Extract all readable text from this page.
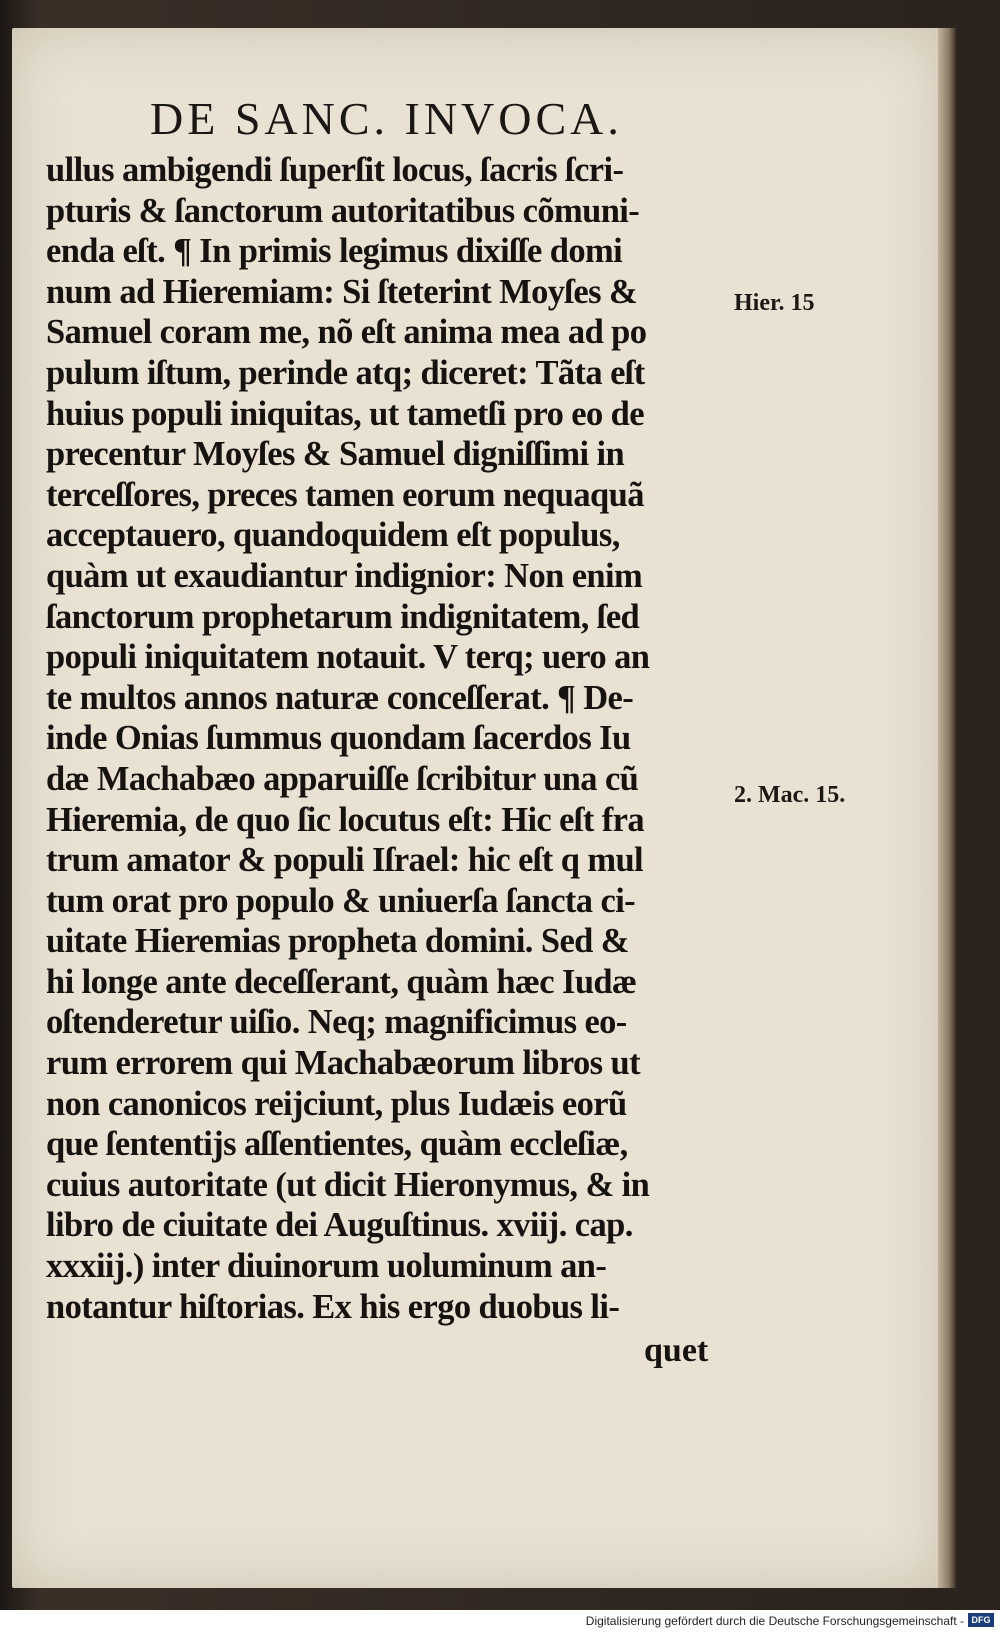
DE SANC. INVOCA.
ullus ambigendi ſuperſit locus, ſacris ſcri-
pturis & ſanctorum autoritatibus cõmuni-
enda eſt. ¶ In primis legimus dixiſſe domi
num ad Hieremiam: Si ſteterint Moyſes &
Samuel coram me, nõ eſt anima mea ad po
pulum iſtum, perinde atq; diceret: Tãta eſt
huius populi iniquitas, ut tametſi pro eo de
precentur Moyſes & Samuel digniſſimi in
terceſſores, preces tamen eorum nequaquã
acceptauero, quandoquidem eſt populus,
quàm ut exaudiantur indignior: Non enim
ſanctorum prophetarum indignitatem, ſed
populi iniquitatem notauit. V terq; uero an
te multos annos naturæ conceſſerat. ¶ De-
inde Onias ſummus quondam ſacerdos Iu
dæ Machabæo apparuiſſe ſcribitur una cũ
Hieremia, de quo ſic locutus eſt: Hic eſt fra
trum amator & populi Iſrael: hic eſt q mul
tum orat pro populo & uniuerſa ſancta ci-
uitate Hieremias propheta domini. Sed &
hi longe ante deceſſerant, quàm hæc Iudæ
oſtenderetur uiſio. Neq; magnificimus eo-
rum errorem qui Machabæorum libros ut
non canonicos reijciunt, plus Iudæis eorũ
que ſententijs aſſentientes, quàm eccleſiæ,
cuius autoritate (ut dicit Hieronymus, & in
libro de ciuitate dei Auguſtinus. xviij. cap.
xxxiij.) inter diuinorum uoluminum an-
notantur hiſtorias. Ex his ergo duobus li-
quet
Hier. 15
2. Mac. 15.
Digitalisierung gefördert durch die Deutsche Forschungsgemeinschaft - DFG
